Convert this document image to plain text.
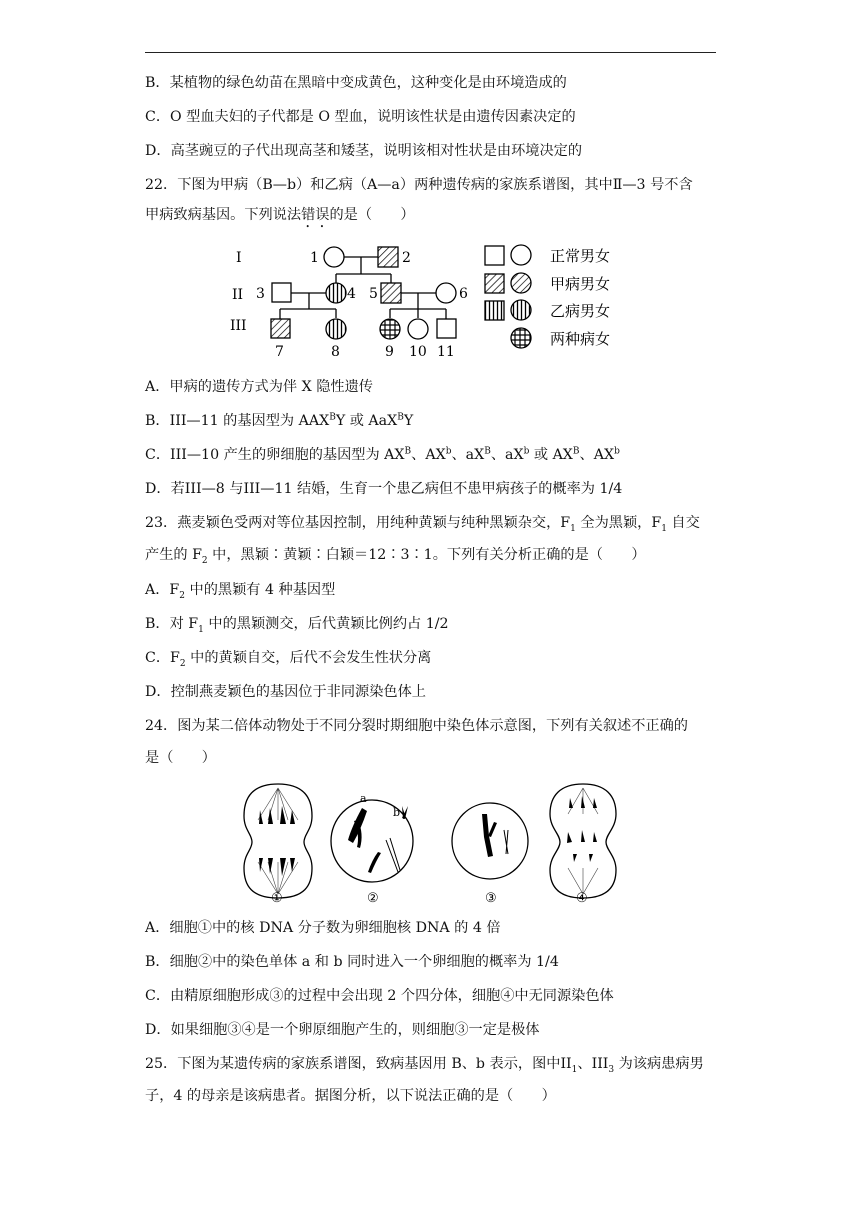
B．某植物的绿色幼苗在黑暗中变成黄色，这种变化是由环境造成的
C．O 型血夫妇的子代都是 O 型血，说明该性状是由遗传因素决定的
D．高茎豌豆的子代出现高茎和矮茎，说明该相对性状是由环境决定的
22．下图为甲病（B—b）和乙病（A—a）两种遗传病的家族系谱图，其中Ⅱ—3 号不含
甲病致病基因。下列说法错误的是（　　）
I
II
III
1	2
3	4 5	6
7	8	9 10 11
正常男女
甲病男女
乙病男女
两种病女
A．甲病的遗传方式为伴 X 隐性遗传
B．III—11 的基因型为 $AAX^BY$ 或 AaX$^B$Y
C．III—10 产生的卵细胞的基因型为 $AX^B$、$AX^b$、$aX^B$、$aX^b$ 或 $AX^B$、$AX^b$
D．若III—8 与III—11 结婚，生育一个患乙病但不患甲病孩子的概率为 1/4
23．燕麦颖色受两对等位基因控制，用纯种黄颖与纯种黑颖杂交，$F_1$ 全为黑颖，$F_1$ 自交
产生的 $F_2$ 中，黑颖∶黄颖∶白颖＝12∶3∶1。下列有关分析正确的是（　　）
A．$F_2$ 中的黑颖有 4 种基因型
B．对 $F_1$ 中的黑颖测交，后代黄颖比例约占 1/2
C．$F_2$ 中的黄颖自交，后代不会发生性状分离
D．控制燕麦颖色的基因位于非同源染色体上
24．图为某二倍体动物处于不同分裂时期细胞中染色体示意图，下列有关叙述不正确的
是（　　）
a
b
①	②	③	④
A．细胞①中的核 DNA 分子数为卵细胞核 DNA 的 4 倍
B．细胞②中的染色单体 a 和 b 同时进入一个卵细胞的概率为 1/4
C．由精原细胞形成③的过程中会出现 2 个四分体，细胞④中无同源染色体
D．如果细胞③④是一个卵原细胞产生的，则细胞③一定是极体
25．下图为某遗传病的家族系谱图，致病基因用 B、b 表示，图中$II_1$、$III_3$ 为该病患病男
子，4 的母亲是该病患者。据图分析，以下说法正确的是（　　）
